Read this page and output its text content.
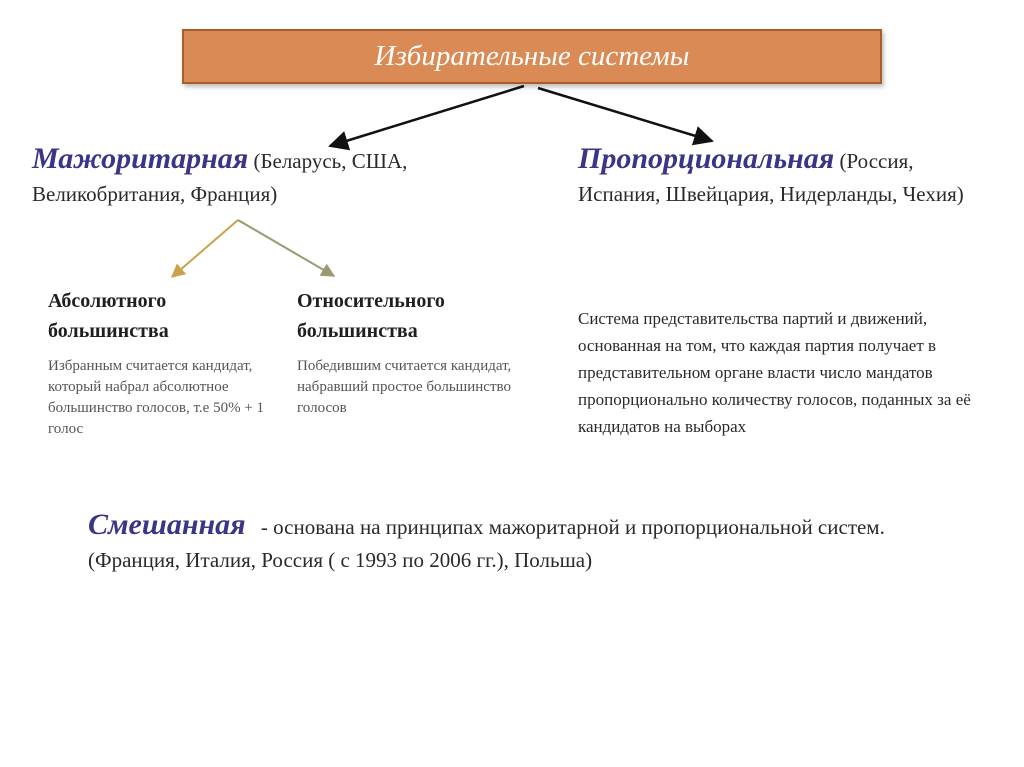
Избирательные системы
Мажоритарная (Беларусь, США, Великобритания, Франция)
Пропорциональная (Россия, Испания, Швейцария, Нидерланды, Чехия)
Абсолютного большинства
Избранным считается кандидат, который набрал абсолютное большинство голосов, т.е 50% + 1 голос
Относительного большинства
Победившим считается кандидат, набравший простое большинство голосов
Система представительства партий и движений, основанная на том, что каждая партия получает в представительном органе власти число мандатов пропорционально количеству голосов, поданных за её кандидатов на выборах
Смешанная - основана на принципах мажоритарной и пропорциональной систем. (Франция, Италия, Россия ( с 1993 по 2006 гг.), Польша)
